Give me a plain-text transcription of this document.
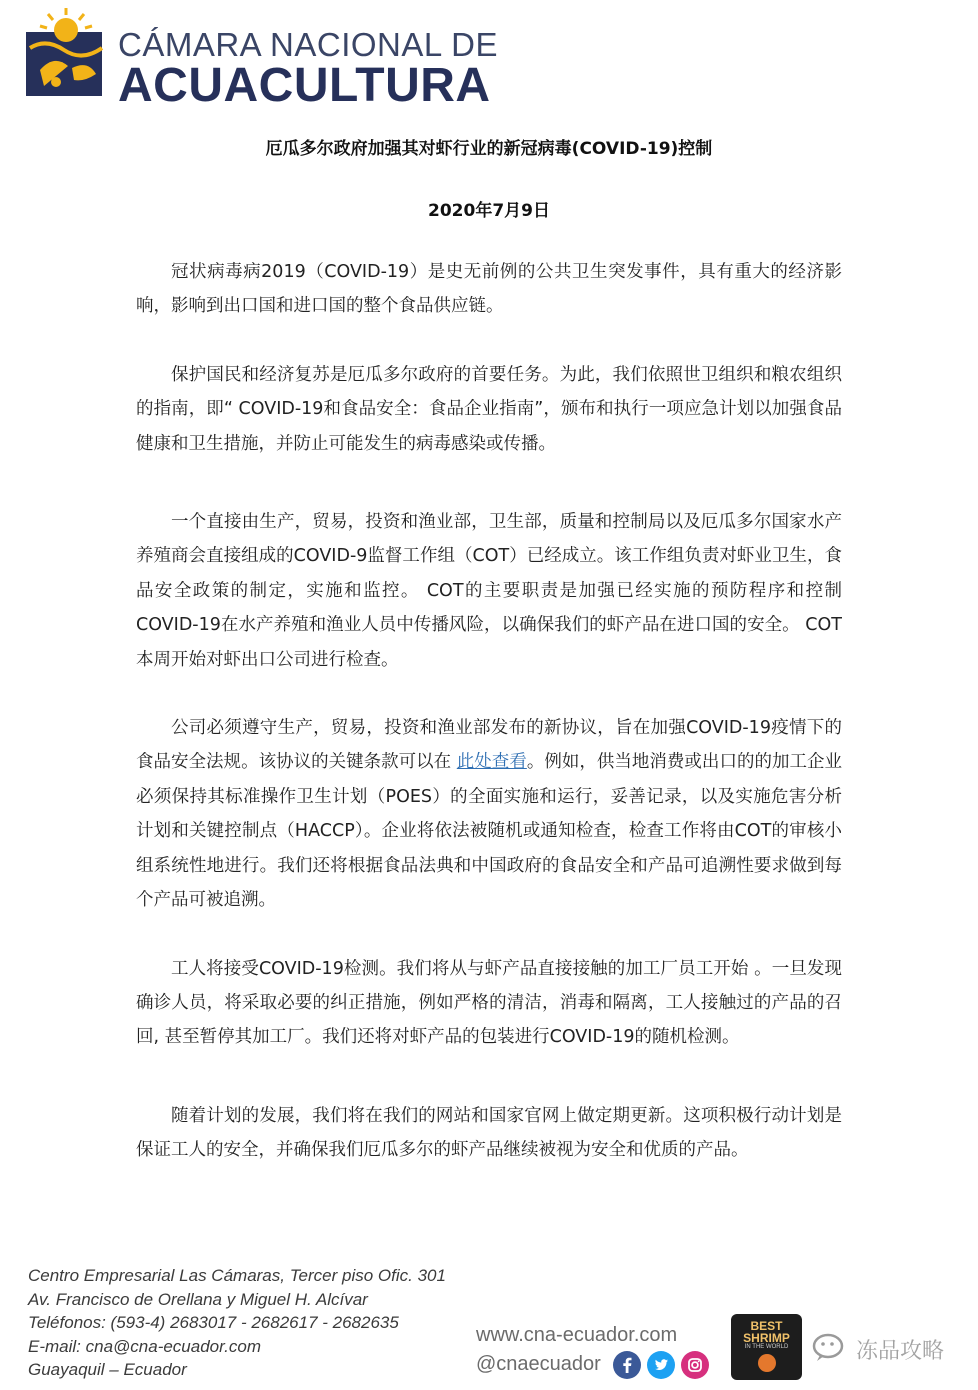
CÁMARA NACIONAL DE
ACUACULTURA
厄瓜多尔政府加强其对虾行业的新冠病毒(COVID-19)控制
2020年7月9日

冠状病毒病2019（COVID-19）是史无前例的公共卫生突发事件，具有重大的经济影响，影响到出口国和进口国的整个食品供应链。

保护国民和经济复苏是厄瓜多尔政府的首要任务。为此，我们依照世卫组织和粮农组织的指南，即“ COVID-19和食品安全：食品企业指南”，颁布和执行一项应急计划以加强食品健康和卫生措施，并防止可能发生的病毒感染或传播。

一个直接由生产，贸易，投资和渔业部，卫生部，质量和控制局以及厄瓜多尔国家水产养殖商会直接组成的COVID-9监督工作组（COT）已经成立。该工作组负责对虾业卫生，食品安全政策的制定，实施和监控。 COT的主要职责是加强已经实施的预防程序和控制COVID-19在水产养殖和渔业人员中传播风险，以确保我们的虾产品在进口国的安全。 COT本周开始对虾出口公司进行检查。

公司必须遵守生产，贸易，投资和渔业部发布的新协议，旨在加强COVID-19疫情下的食品安全法规。该协议的关键条款可以在 此处查看。例如，供当地消费或出口的的加工企业必须保持其标准操作卫生计划（POES）的全面实施和运行，妥善记录，以及实施危害分析计划和关键控制点（HACCP）。企业将依法被随机或通知检查，检查工作将由COT的审核小组系统性地进行。我们还将根据食品法典和中国政府的食品安全和产品可追溯性要求做到每个产品可被追溯。

工人将接受COVID-19检测。我们将从与虾产品直接接触的加工厂员工开始 。一旦发现确诊人员，将采取必要的纠正措施，例如严格的清洁，消毒和隔离，工人接触过的产品的召回, 甚至暂停其加工厂。我们还将对虾产品的包装进行COVID-19的随机检测。

随着计划的发展，我们将在我们的网站和国家官网上做定期更新。这项积极行动计划是保证工人的安全，并确保我们厄瓜多尔的虾产品继续被视为安全和优质的产品。

Centro Empresarial Las Cámaras, Tercer piso Ofic. 301
Av. Francisco de Orellana y Miguel H. Alcívar
Teléfonos: (593-4) 2683017 - 2682617 - 2682635
E-mail: cna@cna-ecuador.com
Guayaquil – Ecuador
www.cna-ecuador.com
@cnaecuador
BEST
SHRIMP
IN THE WORLD	冻品攻略
